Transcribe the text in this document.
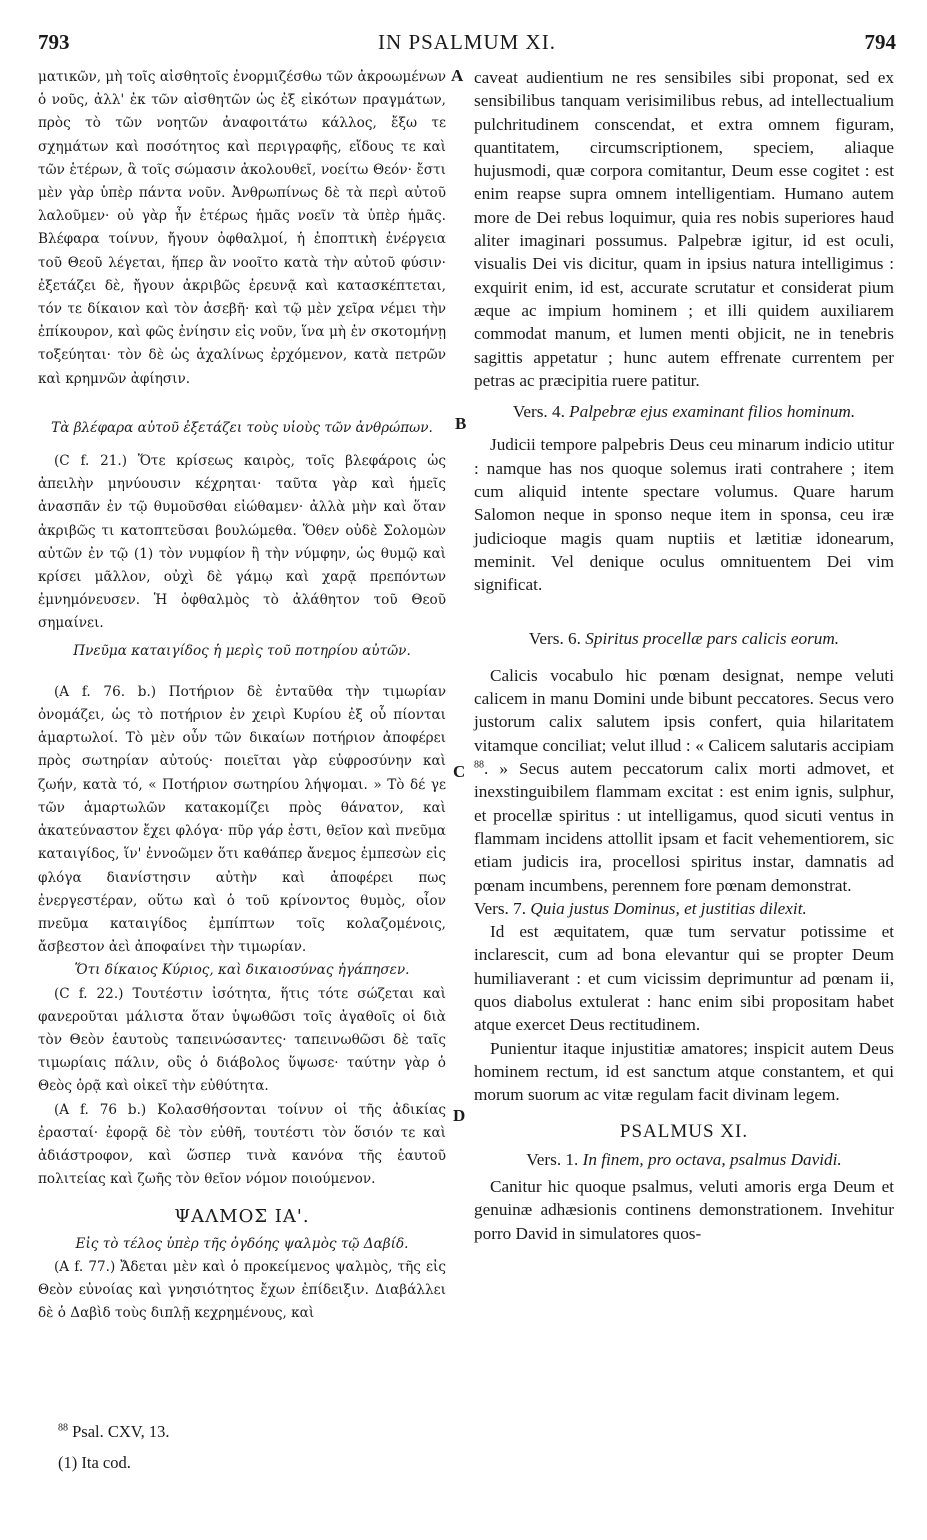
793	IN PSALMUM XI.	794

ματικῶν, μὴ τοῖς αἰσθητοῖς ἐνορμιζέσθω τῶν ἀκροωμένων ὁ νοῦς, ἀλλ' ἐκ τῶν αἰσθητῶν ὡς ἐξ εἰκότων πραγμάτων, πρὸς τὸ τῶν νοητῶν ἀναφοιτάτω κάλλος, ἔξω τε σχημάτων καὶ ποσότητος καὶ περιγραφῆς, εἴδους τε καὶ τῶν ἑτέρων, ἃ τοῖς σώμασιν ἀκολουθεῖ, νοείτω Θεόν· ἔστι μὲν γὰρ ὑπὲρ πάντα νοῦν. Ἀνθρωπίνως δὲ τὰ περὶ αὐτοῦ λαλοῦμεν· οὐ γὰρ ἦν ἑτέρως ἡμᾶς νοεῖν τὰ ὑπὲρ ἡμᾶς. Βλέφαρα τοίνυν, ἤγουν ὀφθαλμοί, ἡ ἐποπτικὴ ἐνέργεια τοῦ Θεοῦ λέγεται, ἥπερ ἂν νοοῖτο κατὰ τὴν αὐτοῦ φύσιν· ἐξετάζει δὲ, ἤγουν ἀκριβῶς ἐρευνᾷ καὶ κατασκέπτεται, τόν τε δίκαιον καὶ τὸν ἀσεβῆ· καὶ τῷ μὲν χεῖρα νέμει τὴν ἐπίκουρον, καὶ φῶς ἐνίησιν εἰς νοῦν, ἵνα μὴ ἐν σκοτομήνῃ τοξεύηται· τὸν δὲ ὡς ἀχαλίνως ἐρχόμενον, κατὰ πετρῶν καὶ κρημνῶν ἀφίησιν.

Τὰ βλέφαρα αὐτοῦ ἐξετάζει τοὺς υἱοὺς τῶν ἀνθρώπων.

(C f. 21.) Ὅτε κρίσεως καιρὸς, τοῖς βλεφάροις ὡς ἀπειλὴν μηνύουσιν κέχρηται· ταῦτα γὰρ καὶ ἡμεῖς ἀνασπᾶν ἐν τῷ θυμοῦσθαι εἰώθαμεν· ἀλλὰ μὴν καὶ ὅταν ἀκριβῶς τι κατοπτεῦσαι βουλώμεθα. Ὅθεν οὐδὲ Σολομὼν αὐτῶν ἐν τῷ (1) τὸν νυμφίον ἢ τὴν νύμφην, ὡς θυμῷ καὶ κρίσει μᾶλλον, οὐχὶ δὲ γάμῳ καὶ χαρᾷ πρεπόντων ἐμνημόνευσεν. Ἡ ὀφθαλμὸς τὸ ἀλάθητον τοῦ Θεοῦ σημαίνει.

Πνεῦμα καταιγίδος ἡ μερὶς τοῦ ποτηρίου αὐτῶν.

(A f. 76. b.) Ποτήριον δὲ ἐνταῦθα τὴν τιμωρίαν ὀνομάζει, ὡς τὸ ποτήριον ἐν χειρὶ Κυρίου ἐξ οὗ πίονται ἁμαρτωλοί. Τὸ μὲν οὖν τῶν δικαίων ποτήριον ἀποφέρει πρὸς σωτηρίαν αὐτούς· ποιεῖται γὰρ εὐφροσύνην καὶ ζωήν, κατὰ τό, « Ποτήριον σωτηρίου λήψομαι. » Τὸ δέ γε τῶν ἁμαρτωλῶν κατακομίζει πρὸς θάνατον, καὶ ἀκατεύναστον ἔχει φλόγα· πῦρ γάρ ἐστι, θεῖον καὶ πνεῦμα καταιγίδος, ἵν' ἐννοῶμεν ὅτι καθάπερ ἄνεμος ἐμπεσὼν εἰς φλόγα διανίστησιν αὐτὴν καὶ ἀποφέρει πως ἐνεργεστέραν, οὕτω καὶ ὁ τοῦ κρίνοντος θυμὸς, οἷον πνεῦμα καταιγίδος ἐμπίπτων τοῖς κολαζομένοις, ἄσβεστον ἀεὶ ἀποφαίνει τὴν τιμωρίαν.

Ὅτι δίκαιος Κύριος, καὶ δικαιοσύνας ἠγάπησεν.

(C f. 22.) Τουτέστιν ἰσότητα, ἥτις τότε σώζεται καὶ φανεροῦται μάλιστα ὅταν ὑψωθῶσι τοῖς ἀγαθοῖς οἱ διὰ τὸν Θεὸν ἑαυτοὺς ταπεινώσαντες· ταπεινωθῶσι δὲ ταῖς τιμωρίαις πάλιν, οὓς ὁ διάβολος ὕψωσε· ταύτην γὰρ ὁ Θεὸς ὁρᾷ καὶ οἰκεῖ τὴν εὐθύτητα.

(A f. 76 b.) Κολασθήσονται τοίνυν οἱ τῆς ἀδικίας ἐρασταί· ἐφορᾷ δὲ τὸν εὐθῆ, τουτέστι τὸν ὅσιόν τε καὶ ἀδιάστροφον, καὶ ὥσπερ τινὰ κανόνα τῆς ἑαυτοῦ πολιτείας καὶ ζωῆς τὸν θεῖον νόμον ποιούμενον.

ΨΑΛΜΟΣ ΙΑ'.

Εἰς τὸ τέλος ὑπὲρ τῆς ὀγδόης ψαλμὸς τῷ Δαβίδ.

(A f. 77.) Ἄδεται μὲν καὶ ὁ προκείμενος ψαλμὸς, τῆς εἰς Θεὸν εὐνοίας καὶ γνησιότητος ἔχων ἐπίδειξιν. Διαβάλλει δὲ ὁ Δαβὶδ τοὺς διπλῇ κεχρημένους, καὶ

caveat audientium ne res sensibiles sibi proponat, sed ex sensibilibus tanquam verisimilibus rebus, ad intellectualium pulchritudinem conscendat, et extra omnem figuram, quantitatem, circumscriptionem, speciem, aliaque hujusmodi, quæ corpora comitantur, Deum esse cogitet : est enim reapse supra omnem intelligentiam. Humano autem more de Dei rebus loquimur, quia res nobis superiores haud aliter imaginari possumus. Palpebræ igitur, id est oculi, visualis Dei vis dicitur, quam in ipsius natura intelligimus : exquirit enim, id est, accurate scrutatur et considerat pium æque ac impium hominem ; et illi quidem auxiliarem commodat manum, et lumen menti objicit, ne in tenebris sagittis appetatur ; hunc autem effrenate currentem per petras ac præcipitia ruere patitur.

Vers. 4. Palpebræ ejus examinant filios hominum.

Judicii tempore palpebris Deus ceu minarum indicio utitur : namque has nos quoque solemus irati contrahere ; item cum aliquid intente spectare volumus. Quare harum Salomon neque in sponso neque item in sponsa, ceu iræ judicioque magis quam nuptiis et lætitiæ idonearum, meminit. Vel denique oculus omnituentem Dei vim significat.

Vers. 6. Spiritus procellæ pars calicis eorum.

Calicis vocabulo hic pœnam designat, nempe veluti calicem in manu Domini unde bibunt peccatores. Secus vero justorum calix salutem ipsis confert, quia hilaritatem vitamque conciliat; velut illud : « Calicem salutaris accipiam $^{88}$. » Secus autem peccatorum calix morti admovet, et inexstinguibilem flammam excitat : est enim ignis, sulphur, et procellæ spiritus : ut intelligamus, quod sicuti ventus in flammam incidens attollit ipsam et facit vehementiorem, sic etiam judicis ira, procellosi spiritus instar, damnatis ad pœnam incumbens, perennem fore pœnam demonstrat.

Vers. 7. Quia justus Dominus, et justitias dilexit.

Id est æquitatem, quæ tum servatur potissime et inclarescit, cum ad bona elevantur qui se propter Deum humiliaverant : et cum vicissim deprimuntur ad pœnam ii, quos diabolus extulerat : hanc enim sibi propositam habet atque exercet Deus rectitudinem.

Punientur itaque injustitiæ amatores; inspicit autem Deus hominem rectum, id est sanctum atque constantem, et qui morum suorum ac vitæ regulam facit divinam legem.

PSALMUS XI.

Vers. 1. In finem, pro octava, psalmus Davidi.

Canitur hic quoque psalmus, veluti amoris erga Deum et genuinæ adhæsionis continens demonstrationem. Invehitur porro David in simulatores quos-

A
B
C
D
$^{88}$ Psal. CXV, 13.
(1) Ita cod.
